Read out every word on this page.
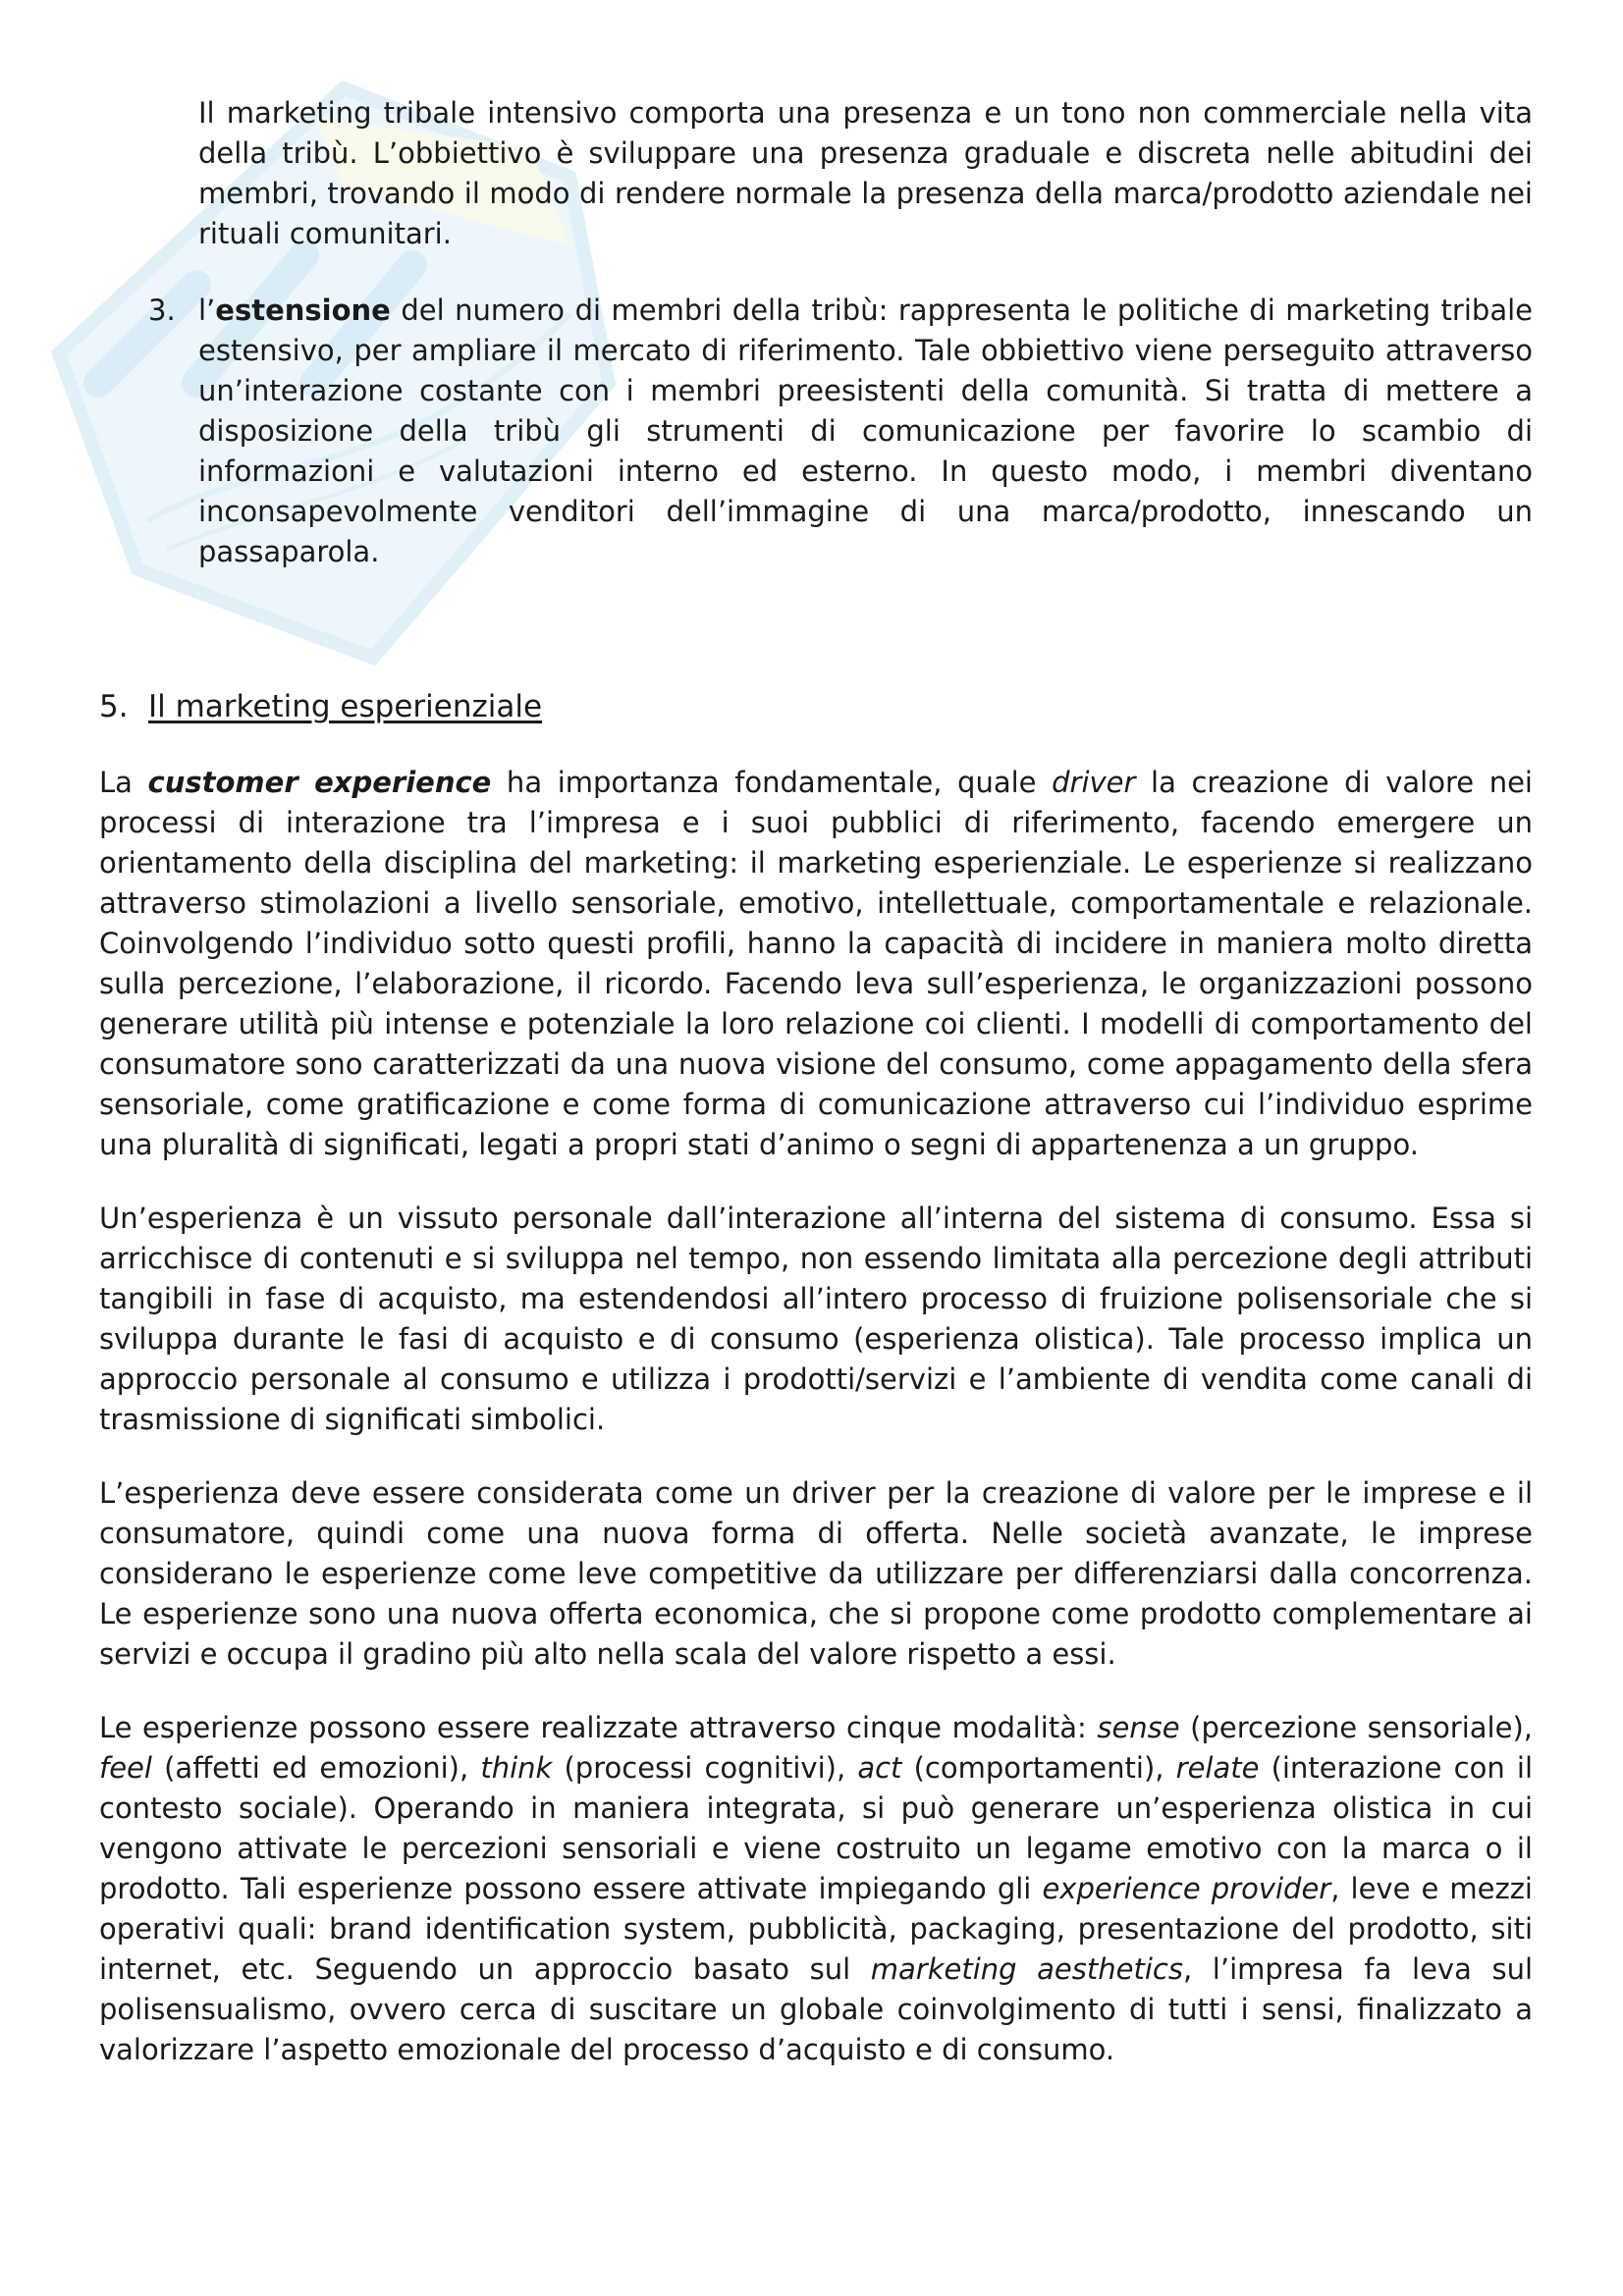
Il marketing tribale intensivo comporta una presenza e un tono non commerciale nella vita della tribù. L’obbiettivo è sviluppare una presenza graduale e discreta nelle abitudini dei membri, trovando il modo di rendere normale la presenza della marca/prodotto aziendale nei rituali comunitari.

3. l’estensione del numero di membri della tribù: rappresenta le politiche di marketing tribale estensivo, per ampliare il mercato di riferimento. Tale obbiettivo viene perseguito attraverso un’interazione costante con i membri preesistenti della comunità. Si tratta di mettere a disposizione della tribù gli strumenti di comunicazione per favorire lo scambio di informazioni e valutazioni interno ed esterno. In questo modo, i membri diventano inconsapevolmente venditori dell’immagine di una marca/prodotto, innescando un passaparola.
5. Il marketing esperienziale

La customer experience ha importanza fondamentale, quale driver la creazione di valore nei processi di interazione tra l’impresa e i suoi pubblici di riferimento, facendo emergere un orientamento della disciplina del marketing: il marketing esperienziale. Le esperienze si realizzano attraverso stimolazioni a livello sensoriale, emotivo, intellettuale, comportamentale e relazionale. Coinvolgendo l’individuo sotto questi profili, hanno la capacità di incidere in maniera molto diretta sulla percezione, l’elaborazione, il ricordo. Facendo leva sull’esperienza, le organizzazioni possono generare utilità più intense e potenziale la loro relazione coi clienti. I modelli di comportamento del consumatore sono caratterizzati da una nuova visione del consumo, come appagamento della sfera sensoriale, come gratificazione e come forma di comunicazione attraverso cui l’individuo esprime una pluralità di significati, legati a propri stati d’animo o segni di appartenenza a un gruppo.

Un’esperienza è un vissuto personale dall’interazione all’interna del sistema di consumo. Essa si arricchisce di contenuti e si sviluppa nel tempo, non essendo limitata alla percezione degli attributi tangibili in fase di acquisto, ma estendendosi all’intero processo di fruizione polisensoriale che si sviluppa durante le fasi di acquisto e di consumo (esperienza olistica). Tale processo implica un approccio personale al consumo e utilizza i prodotti/servizi e l’ambiente di vendita come canali di trasmissione di significati simbolici.

L’esperienza deve essere considerata come un driver per la creazione di valore per le imprese e il consumatore, quindi come una nuova forma di offerta. Nelle società avanzate, le imprese considerano le esperienze come leve competitive da utilizzare per differenziarsi dalla concorrenza. Le esperienze sono una nuova offerta economica, che si propone come prodotto complementare ai servizi e occupa il gradino più alto nella scala del valore rispetto a essi.

Le esperienze possono essere realizzate attraverso cinque modalità: sense (percezione sensoriale), feel (affetti ed emozioni), think (processi cognitivi), act (comportamenti), relate (interazione con il contesto sociale). Operando in maniera integrata, si può generare un’esperienza olistica in cui vengono attivate le percezioni sensoriali e viene costruito un legame emotivo con la marca o il prodotto. Tali esperienze possono essere attivate impiegando gli experience provider, leve e mezzi operativi quali: brand identification system, pubblicità, packaging, presentazione del prodotto, siti internet, etc. Seguendo un approccio basato sul marketing aesthetics, l’impresa fa leva sul polisensualismo, ovvero cerca di suscitare un globale coinvolgimento di tutti i sensi, finalizzato a valorizzare l’aspetto emozionale del processo d’acquisto e di consumo.
